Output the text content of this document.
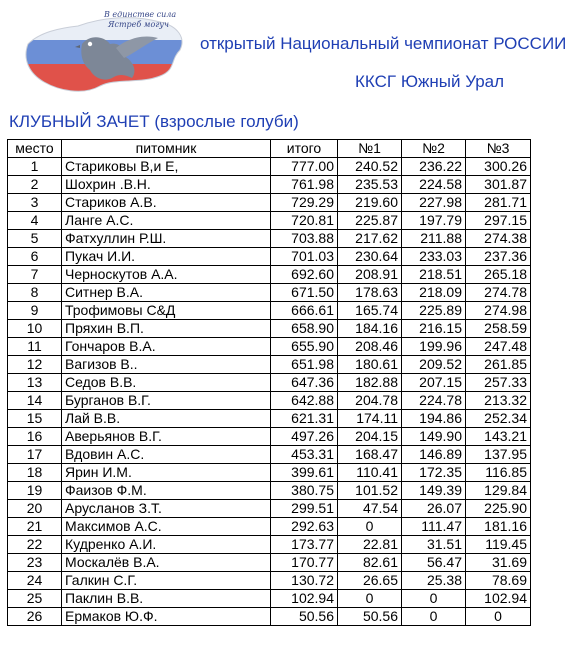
В единстве сила
Ястреб могуч
открытый Национальный чемпионат РОССИИ
ККСГ Южный Урал
КЛУБНЫЙ ЗАЧЕТ (взрослые голуби)
место	питомник	итого	№1	№2	№3
1	Стариковы В,и Е,	777.00	240.52	236.22	300.26
2	Шохрин .В.Н.	761.98	235.53	224.58	301.87
3	Стариков А.В.	729.29	219.60	227.98	281.71
4	Ланге А.С.	720.81	225.87	197.79	297.15
5	Фатхуллин Р.Ш.	703.88	217.62	211.88	274.38
6	Пукач И.И.	701.03	230.64	233.03	237.36
7	Черноскутов А.А.	692.60	208.91	218.51	265.18
8	Ситнер В.А.	671.50	178.63	218.09	274.78
9	Трофимовы С&Д	666.61	165.74	225.89	274.98
10	Пряхин В.П.	658.90	184.16	216.15	258.59
11	Гончаров В.А.	655.90	208.46	199.96	247.48
12	Вагизов В..	651.98	180.61	209.52	261.85
13	Седов В.В.	647.36	182.88	207.15	257.33
14	Бурганов В.Г.	642.88	204.78	224.78	213.32
15	Лай В.В.	621.31	174.11	194.86	252.34
16	Аверьянов В.Г.	497.26	204.15	149.90	143.21
17	Вдовин А.С.	453.31	168.47	146.89	137.95
18	Ярин И.М.	399.61	110.41	172.35	116.85
19	Фаизов Ф.М.	380.75	101.52	149.39	129.84
20	Арусланов З.Т.	299.51	47.54	26.07	225.90
21	Максимов А.С.	292.63	0	111.47	181.16
22	Кудренко А.И.	173.77	22.81	31.51	119.45
23	Москалёв В.А.	170.77	82.61	56.47	31.69
24	Галкин С.Г.	130.72	26.65	25.38	78.69
25	Паклин В.В.	102.94	0	0	102.94
26	Ермаков Ю.Ф.	50.56	50.56	0	0
